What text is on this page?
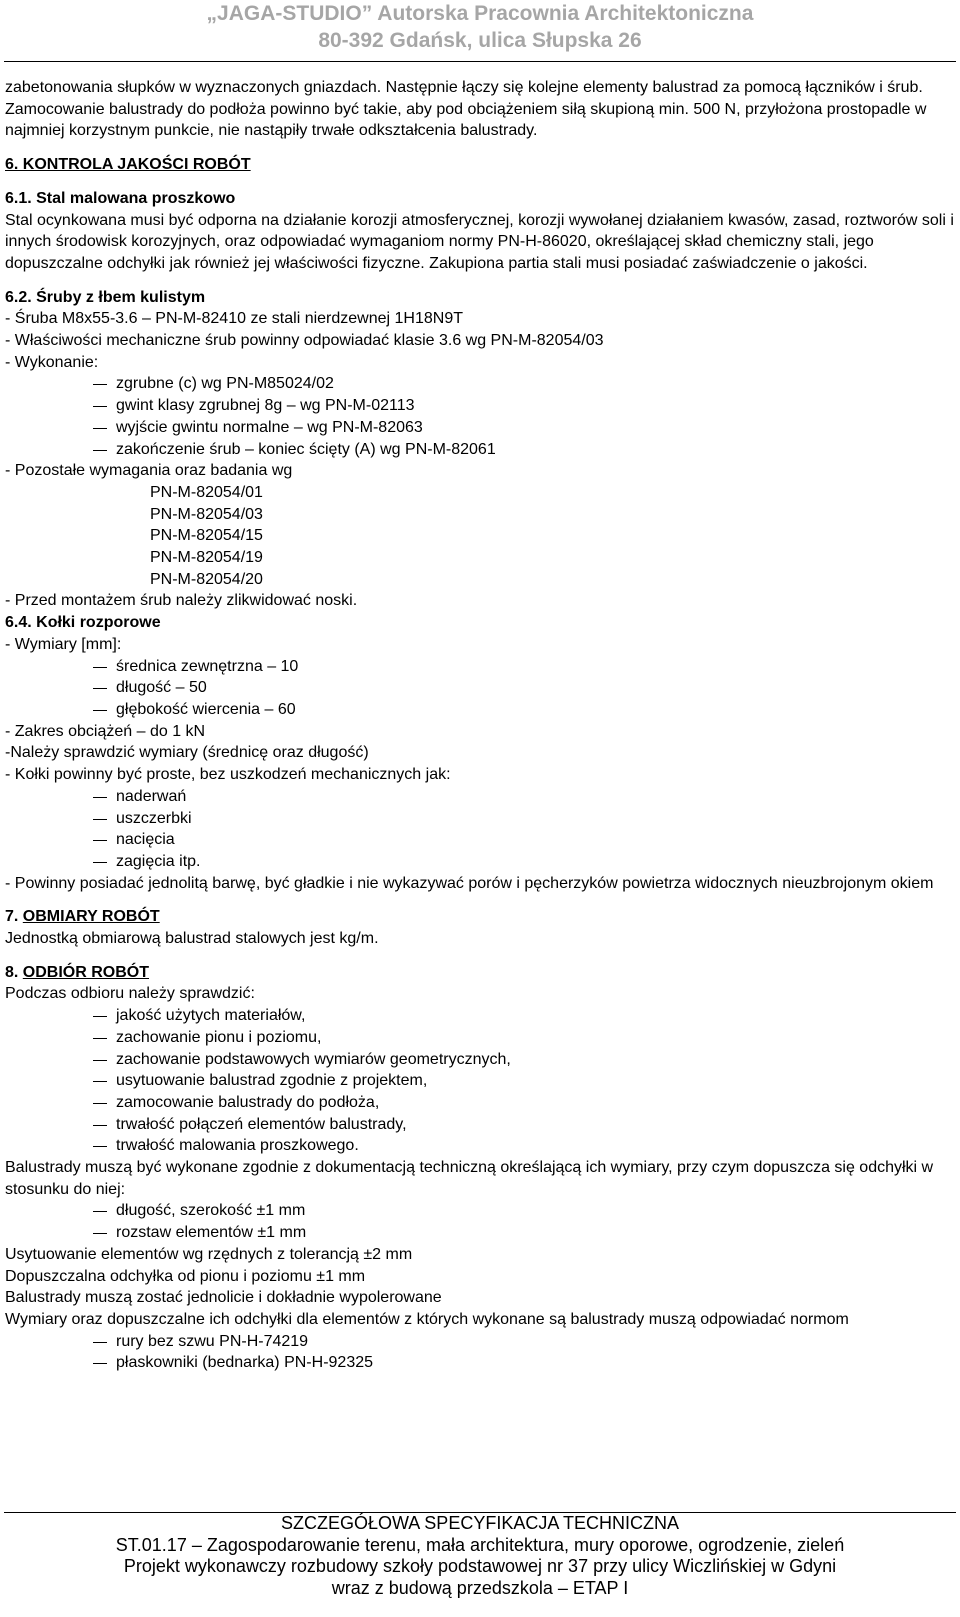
„JAGA-STUDIO” Autorska Pracownia Architektoniczna
80-392 Gdańsk, ulica Słupska 26

zabetonowania słupków w wyznaczonych gniazdach. Następnie łączy się kolejne elementy balustrad za pomocą łączników i śrub.

Zamocowanie balustrady do podłoża powinno być takie, aby pod obciążeniem siłą skupioną min. 500 N, przyłożona prostopadle w najmniej korzystnym punkcie, nie nastąpiły trwałe odkształcenia balustrady.

6. KONTROLA JAKOŚCI ROBÓT

6.1. Stal malowana proszkowo

Stal ocynkowana musi być odporna na działanie korozji atmosferycznej, korozji wywołanej działaniem kwasów, zasad, roztworów soli i innych środowisk korozyjnych, oraz odpowiadać wymaganiom normy PN-H-86020, określającej skład chemiczny stali, jego dopuszczalne odchyłki jak również jej właściwości fizyczne. Zakupiona partia stali musi posiadać zaświadczenie o jakości.

6.2. Śruby z łbem kulistym

- Śruba M8x55-3.6 – PN-M-82410 ze stali nierdzewnej 1H18N9T

- Właściwości mechaniczne śrub powinny odpowiadać klasie 3.6 wg PN-M-82054/03

- Wykonanie:

zgrubne (c) wg PN-M85024/02
gwint klasy zgrubnej 8g – wg PN-M-02113
wyjście gwintu normalne – wg PN-M-82063
zakończenie śrub – koniec ścięty (A) wg PN-M-82061

- Pozostałe wymagania oraz badania wg

PN-M-82054/01
PN-M-82054/03
PN-M-82054/15
PN-M-82054/19
PN-M-82054/20

- Przed montażem śrub należy zlikwidować noski.

6.4. Kołki rozporowe

- Wymiary [mm]:

średnica zewnętrzna – 10
długość – 50
głębokość wiercenia – 60

- Zakres obciążeń – do 1 kN

-Należy sprawdzić wymiary (średnicę oraz długość)

- Kołki powinny być proste, bez uszkodzeń mechanicznych jak:

naderwań
uszczerbki
nacięcia
zagięcia itp.

- Powinny posiadać jednolitą barwę, być gładkie i nie wykazywać porów i pęcherzyków powietrza widocznych nieuzbrojonym okiem

7. OBMIARY ROBÓT

Jednostką obmiarową balustrad stalowych jest kg/m.

8. ODBIÓR ROBÓT

Podczas odbioru należy sprawdzić:

jakość użytych materiałów,
zachowanie pionu i poziomu,
zachowanie podstawowych wymiarów geometrycznych,
usytuowanie balustrad zgodnie z projektem,
zamocowanie balustrady do podłoża,
trwałość połączeń elementów balustrady,
trwałość malowania proszkowego.

Balustrady muszą być wykonane zgodnie z dokumentacją techniczną określającą ich wymiary, przy czym dopuszcza się odchyłki w stosunku do niej:

długość, szerokość ±1 mm
rozstaw elementów ±1 mm

Usytuowanie elementów wg rzędnych z tolerancją ±2 mm

Dopuszczalna odchyłka od pionu i poziomu ±1 mm

Balustrady muszą zostać jednolicie i dokładnie wypolerowane

Wymiary oraz dopuszczalne ich odchyłki dla elementów z których wykonane są balustrady muszą odpowiadać normom

rury bez szwu PN-H-74219
płaskowniki (bednarka) PN-H-92325
SZCZEGÓŁOWA SPECYFIKACJA TECHNICZNA
ST.01.17 – Zagospodarowanie terenu, mała architektura, mury oporowe, ogrodzenie, zieleń
Projekt wykonawczy rozbudowy szkoły podstawowej nr 37 przy ulicy Wiczlińskiej w Gdyni
wraz z budową przedszkola – ETAP I
